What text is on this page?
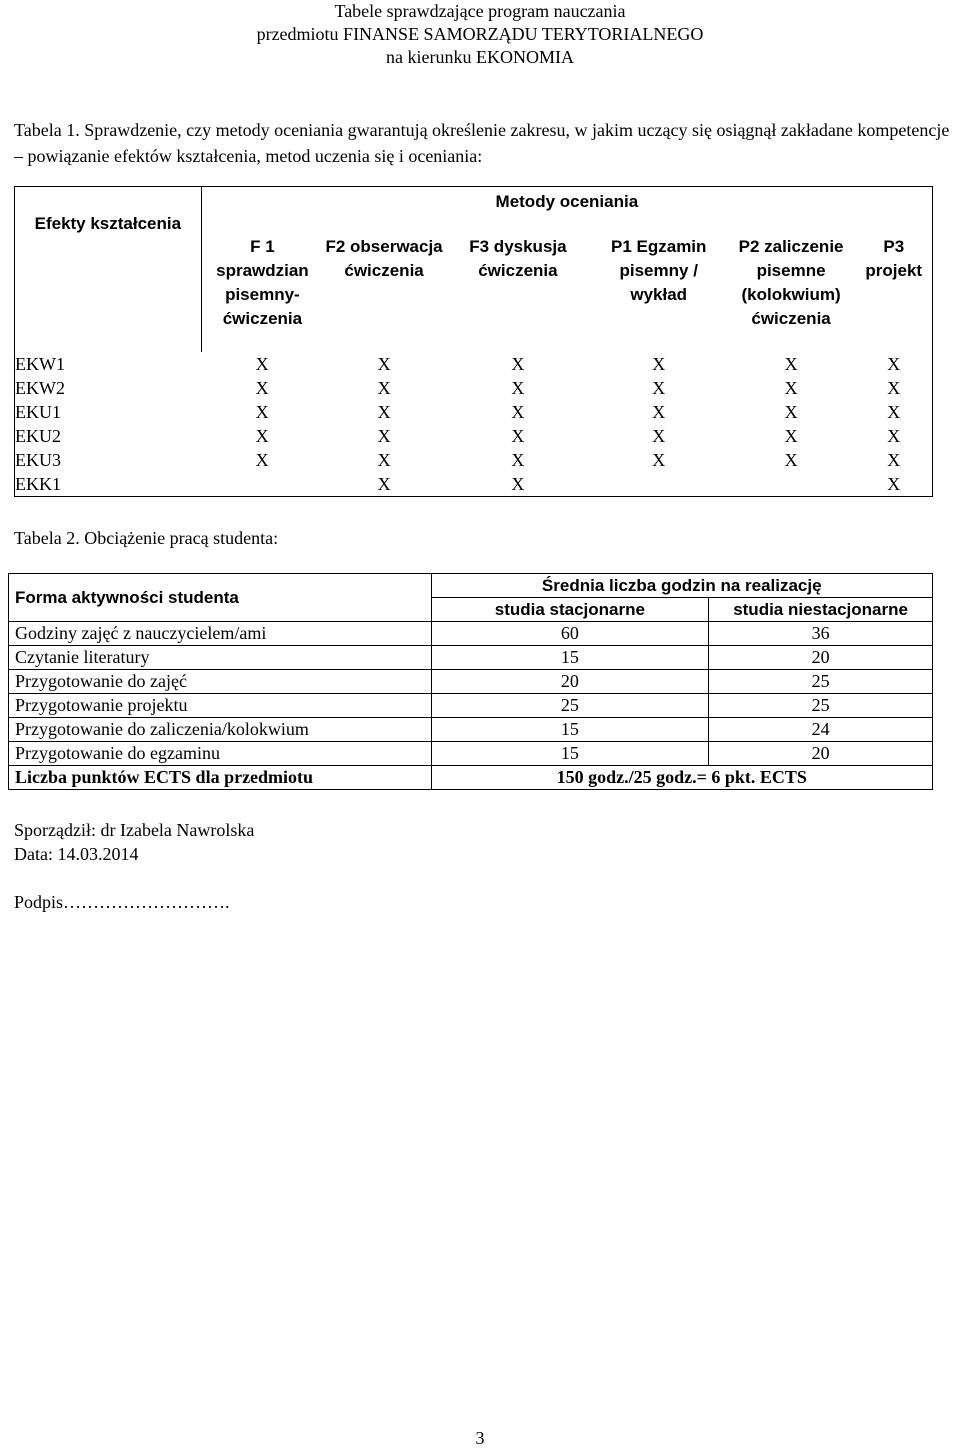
Tabele sprawdzające program nauczania
przedmiotu FINANSE SAMORZĄDU TERYTORIALNEGO
na kierunku EKONOMIA
Tabela 1. Sprawdzenie, czy metody oceniania gwarantują określenie zakresu, w jakim uczący się osiągnął zakładane kompetencje – powiązanie efektów kształcenia, metod uczenia się i oceniania:
Efekty kształcenia	Metody oceniania					
	F 1 sprawdzian pisemny- ćwiczenia	F2 obserwacja ćwiczenia	F3 dyskusja ćwiczenia	P1 Egzamin pisemny / wykład	P2 zaliczenie pisemne (kolokwium) ćwiczenia	P3 projekt
EKW1	X	X	X	X	X	X
EKW2	X	X	X	X	X	X
EKU1	X	X	X	X	X	X
EKU2	X	X	X	X	X	X
EKU3	X	X	X	X	X	X
EKK1		X	X			X
Tabela 2. Obciążenie pracą studenta:
Forma aktywności studenta	Średnia liczba godzin na realizację	
	studia stacjonarne	studia niestacjonarne
Godziny zajęć z nauczycielem/ami	60	36
Czytanie literatury	15	20
Przygotowanie do zajęć	20	25
Przygotowanie projektu	25	25
Przygotowanie do zaliczenia/kolokwium	15	24
Przygotowanie do egzaminu	15	20
Liczba punktów ECTS dla przedmiotu	150 godz./25 godz.= 6 pkt. ECTS	
Sporządził: dr Izabela Nawrolska
Data: 14.03.2014
Podpis……………………….
3
